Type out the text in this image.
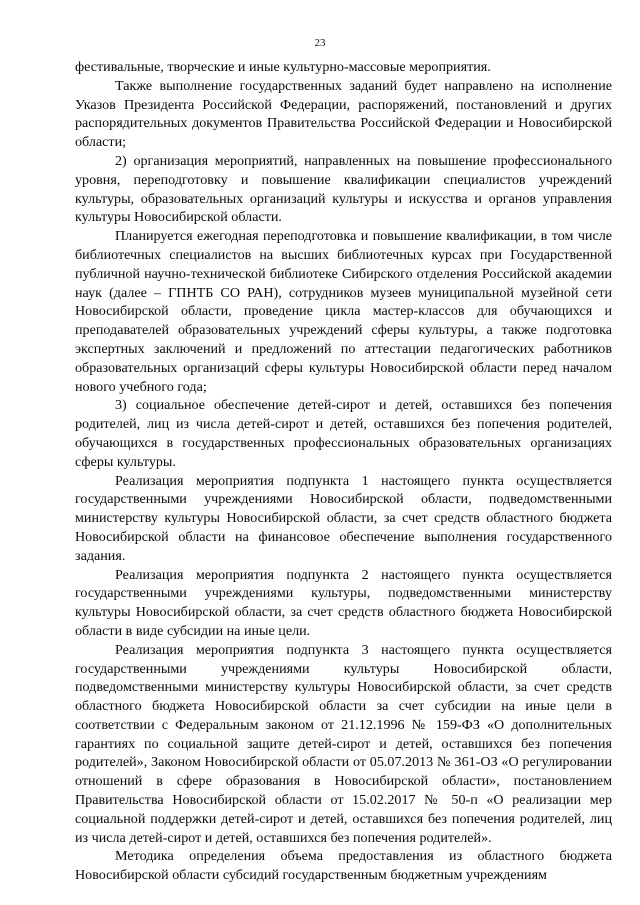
23

фестивальные, творческие и иные культурно-массовые мероприятия.

Также выполнение государственных заданий будет направлено на исполнение Указов Президента Российской Федерации, распоряжений, постановлений и других распорядительных документов Правительства Российской Федерации и Новосибирской области;

2) организация мероприятий, направленных на повышение профессионального уровня, переподготовку и повышение квалификации специалистов учреждений культуры, образовательных организаций культуры и искусства и органов управления культуры Новосибирской области.

Планируется ежегодная переподготовка и повышение квалификации, в том числе библиотечных специалистов на высших библиотечных курсах при Государственной публичной научно-технической библиотеке Сибирского отделения Российской академии наук (далее – ГПНТБ СО РАН), сотрудников музеев муниципальной музейной сети Новосибирской области, проведение цикла мастер-классов для обучающихся и преподавателей образовательных учреждений сферы культуры, а также подготовка экспертных заключений и предложений по аттестации педагогических работников образовательных организаций сферы культуры Новосибирской области перед началом нового учебного года;

3) социальное обеспечение детей-сирот и детей, оставшихся без попечения родителей, лиц из числа детей-сирот и детей, оставшихся без попечения родителей, обучающихся в государственных профессиональных образовательных организациях сферы культуры.

Реализация мероприятия подпункта 1 настоящего пункта осуществляется государственными учреждениями Новосибирской области, подведомственными министерству культуры Новосибирской области, за счет средств областного бюджета Новосибирской области на финансовое обеспечение выполнения государственного задания.

Реализация мероприятия подпункта 2 настоящего пункта осуществляется государственными учреждениями культуры, подведомственными министерству культуры Новосибирской области, за счет средств областного бюджета Новосибирской области в виде субсидии на иные цели.

Реализация мероприятия подпункта 3 настоящего пункта осуществляется государственными учреждениями культуры Новосибирской области, подведомственными министерству культуры Новосибирской области, за счет средств областного бюджета Новосибирской области за счет субсидии на иные цели в соответствии с Федеральным законом от 21.12.1996 № 159-ФЗ «О дополнительных гарантиях по социальной защите детей-сирот и детей, оставшихся без попечения родителей», Законом Новосибирской области от 05.07.2013 № 361-ОЗ «О регулировании отношений в сфере образования в Новосибирской области», постановлением Правительства Новосибирской области от 15.02.2017 № 50-п «О реализации мер социальной поддержки детей-сирот и детей, оставшихся без попечения родителей, лиц из числа детей-сирот и детей, оставшихся без попечения родителей».

Методика определения объема предоставления из областного бюджета Новосибирской области субсидий государственным бюджетным учреждениям
